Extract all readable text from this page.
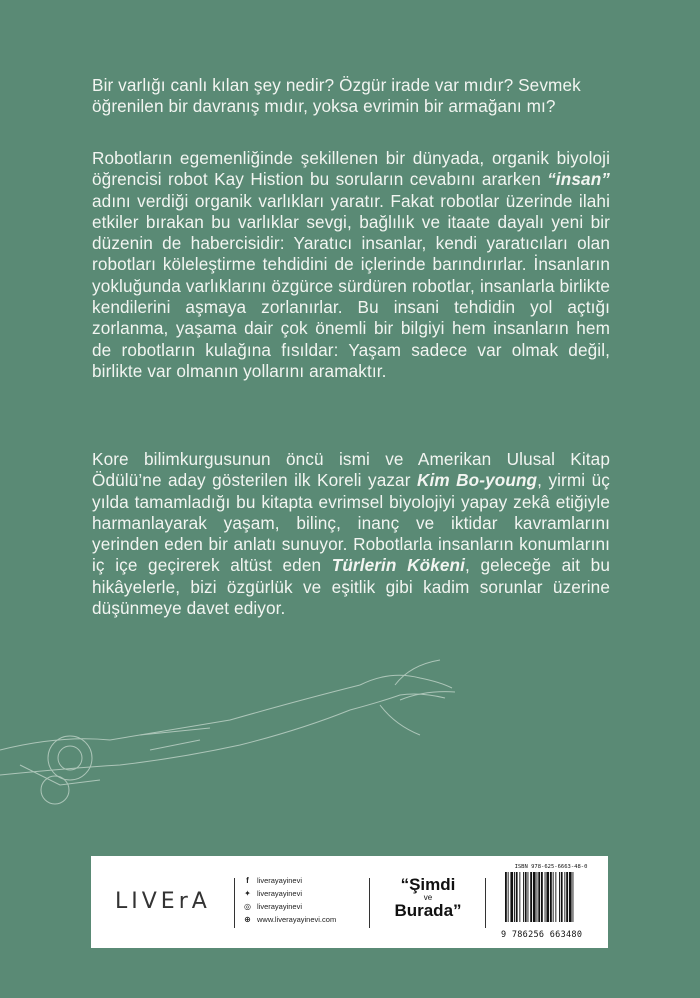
Bir varlığı canlı kılan şey nedir? Özgür irade var mıdır? Sevmek öğrenilen bir davranış mıdır, yoksa evrimin bir armağanı mı?
Robotların egemenliğinde şekillenen bir dünyada, organik biyoloji öğrencisi robot Kay Histion bu soruların cevabını ararken “insan” adını verdiği organik varlıkları yaratır. Fakat robotlar üzerinde ilahi etkiler bırakan bu varlıklar sevgi, bağlılık ve itaate dayalı yeni bir düzenin de habercisidir: Yaratıcı insanlar, kendi yaratıcıları olan robotları köleleştirme tehdidini de içlerinde barındırırlar. İnsanların yokluğunda varlıklarını özgürce sürdüren robotlar, insanlarla birlikte kendilerini aşmaya zorlanırlar. Bu insani tehdidin yol açtığı zorlanma, yaşama dair çok önemli bir bilgiyi hem insanların hem de robotların kulağına fısıldar: Yaşam sadece var olmak değil, birlikte var olmanın yollarını aramaktır.
Kore bilimkurgusunun öncü ismi ve Amerikan Ulusal Kitap Ödülü’ne aday gösterilen ilk Koreli yazar Kim Bo-young, yirmi üç yılda tamamladığı bu kitapta evrimsel biyolojiyi yapay zekâ etiğiyle harmanlayarak yaşam, bilinç, inanç ve iktidar kavramlarını yerinden eden bir anlatı sunuyor. Robotlarla insanların konumlarını iç içe geçirerek altüst eden Türlerin Kökeni, geleceğe ait bu hikâyelerle, bizi özgürlük ve eşitlik gibi kadim sorunlar üzerine düşünmeye davet ediyor.
LIVErA
f	liverayayinevi
✦ liverayayinevi
◎ liverayayinevi
⊕ www.liverayayinevi.com
“Şimdi
ve
Burada”
ISBN 978-625-6663-48-0
9 786256 663480
